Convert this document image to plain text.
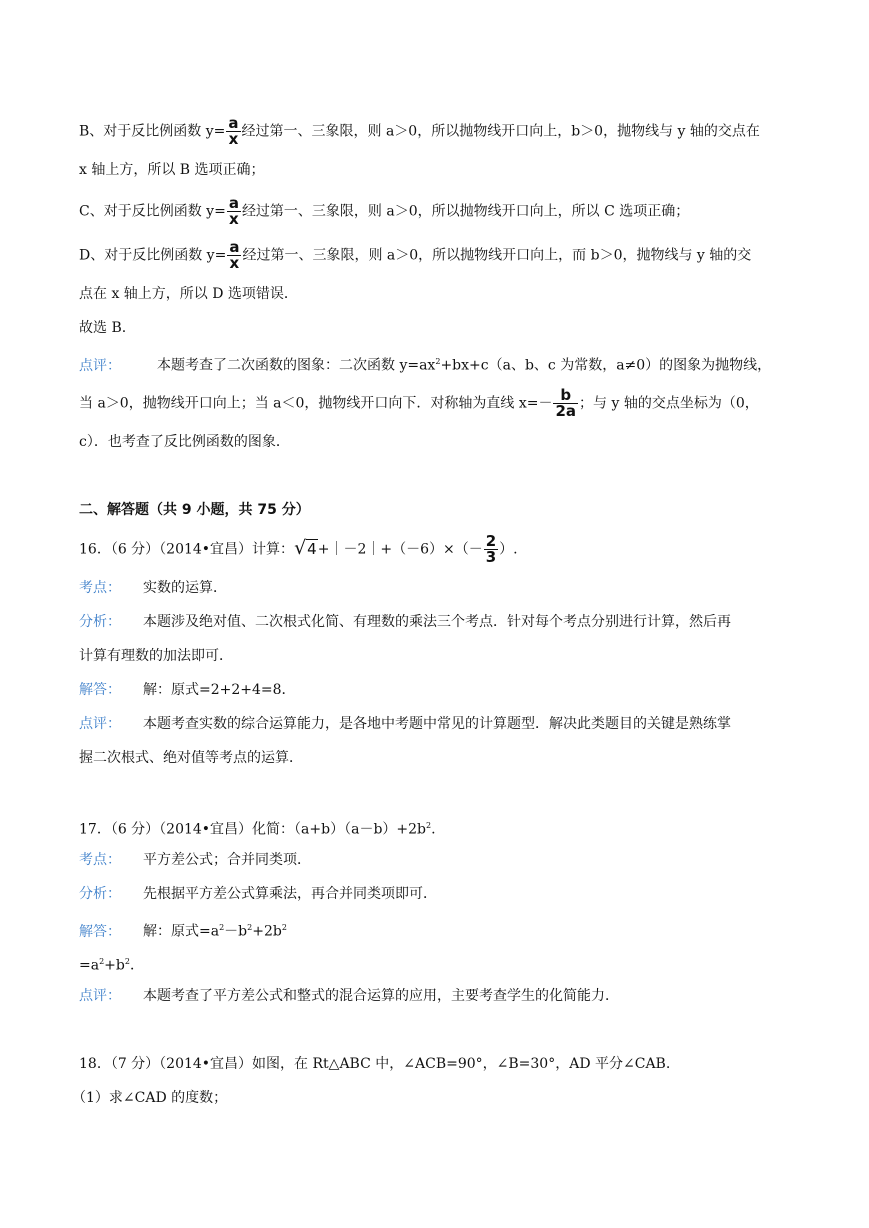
B、对于反比例函数 $y= \frac{a}{x}$ 经过第一、三象限，则 a＞0，所以抛物线开口向上，b＞0，抛物线与 y 轴的交点在
x 轴上方，所以 B 选项正确；
C、对于反比例函数 $y= \frac{a}{x}$ 经过第一、三象限，则 a＞0，所以抛物线开口向上，所以 C 选项正确；
D、对于反比例函数 $y= \frac{a}{x}$ 经过第一、三象限，则 a＞0，所以抛物线开口向上，而 b＞0，抛物线与 y 轴的交
点在 x 轴上方，所以 D 选项错误．
故选 B.
点评：	本题考查了二次函数的图象：二次函数 $y=ax^2+bx+c(a$、b、c 为常数，a≠0）的图象为抛物线，
当 a＞0，抛物线开口向上；当 a＜0，抛物线开口向下．对称轴为直线 $x=- \frac{b}{2a}$ ；与 y 轴的交点坐标为（0，
c）．也考查了反比例函数的图象．
二、解答题（共 9 小题，共 75 分）
16．（6 分）（2014•宜昌）计算：√4+｜－2｜+（－6）×（－ $\frac{2}{3}$ ）.
考点： 实数的运算．
分析： 本题涉及绝对值、二次根式化简、有理数的乘法三个考点．针对每个考点分别进行计算，然后再
计算有理数的加法即可．
解答： 解：原式=2+2+4=8．
点评： 本题考查实数的综合运算能力，是各地中考题中常见的计算题型．解决此类题目的关键是熟练掌
握二次根式、绝对值等考点的运算．
17．（6 分）（2014•宜昌）化简：$(a+b)(a-b)+2b^2$.
考点： 平方差公式；合并同类项．
分析： 先根据平方差公式算乘法，再合并同类项即可．
解答： 解：原式$=a^2-b^2+2b^2$
$=a^2+b^2$．
点评： 本题考查了平方差公式和整式的混合运算的应用，主要考查学生的化简能力．
18．（7 分）（2014•宜昌）如图，在 Rt△ABC 中，∠ACB=90°，∠B=30°，AD 平分∠CAB.
（1）求∠CAD 的度数；
